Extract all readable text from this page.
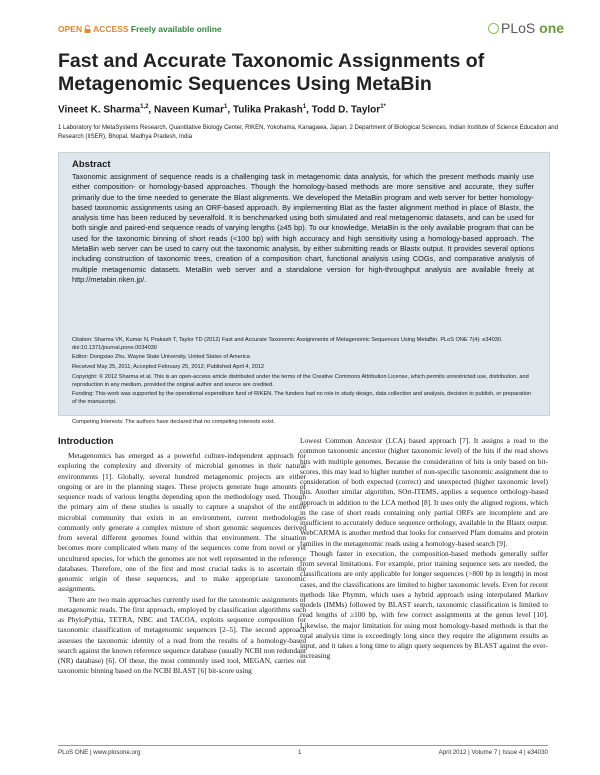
OPEN ACCESS Freely available online	PLoS one
Fast and Accurate Taxonomic Assignments of Metagenomic Sequences Using MetaBin
Vineet K. Sharma$^{1,2}$, Naveen Kumar$^1$, Tulika Prakash$^1$, Todd D. Taylor$^{1*}$
1 Laboratory for MetaSystems Research, Quantitative Biology Center, RIKEN, Yokohama, Kanagawa, Japan, 2 Department of Biological Sciences, Indian Institute of Science Education and Research (IISER), Bhopal, Madhya Pradesh, India
Abstract
Taxonomic assignment of sequence reads is a challenging task in metagenomic data analysis, for which the present methods mainly use either composition- or homology-based approaches. Though the homology-based methods are more sensitive and accurate, they suffer primarily due to the time needed to generate the Blast alignments. We developed the MetaBin program and web server for better homology-based taxonomic assignments using an ORF-based approach. By implementing Blat as the faster alignment method in place of Blastx, the analysis time has been reduced by severalfold. It is benchmarked using both simulated and real metagenomic datasets, and can be used for both single and paired-end sequence reads of varying lengths (≥45 bp). To our knowledge, MetaBin is the only available program that can be used for the taxonomic binning of short reads (<100 bp) with high accuracy and high sensitivity using a homology-based approach. The MetaBin web server can be used to carry out the taxonomic analysis, by either submitting reads or Blastx output. It provides several options including construction of taxonomic trees, creation of a composition chart, functional analysis using COGs, and comparative analysis of multiple metagenomic datasets. MetaBin web server and a standalone version for high-throughput analysis are available freely at http://metabin.riken.jp/.
Citation: Sharma VK, Kumar N, Prakash T, Taylor TD (2012) Fast and Accurate Taxonomic Assignments of Metagenomic Sequences Using MetaBin. PLoS ONE 7(4): e34030. doi:10.1371/journal.pone.0034030
Editor: Dongxiao Zhu, Wayne State University, United States of America
Received May 25, 2011; Accepted February 25, 2012; Published April 4, 2012
Copyright: © 2012 Sharma et al. This is an open-access article distributed under the terms of the Creative Commons Attribution License, which permits unrestricted use, distribution, and reproduction in any medium, provided the original author and source are credited.
Funding: This work was supported by the operational expenditure fund of RIKEN. The funders had no role in study design, data collection and analysis, decision to publish, or preparation of the manuscript.
Competing Interests: The authors have declared that no competing interests exist.
Introduction

Metagenomics has emerged as a powerful culture-independent approach for exploring the complexity and diversity of microbial genomes in their natural environments [1]. Globally, several hundred metagenomic projects are either ongoing or are in the planning stages. These projects generate huge amounts of sequence reads of various lengths depending upon the methodology used. Though the primary aim of these studies is usually to capture a snapshot of the entire microbial community that exists in an environment, current methodologies commonly only generate a complex mixture of short genomic sequences derived from several different genomes found within that environment. The situation becomes more complicated when many of the sequences come from novel or yet uncultured species, for which the genomes are not well represented in the reference databases. Therefore, one of the first and most crucial tasks is to ascertain the genomic origin of these sequences, and to make appropriate taxonomic assignments.

There are two main approaches currently used for the taxonomic assignments of metagenomic reads. The first approach, employed by classification algorithms such as PhyloPythia, TETRA, NBC and TACOA, exploits sequence composition for taxonomic classification of metagenomic sequences [2–5]. The second approach assesses the taxonomic identity of a read from the results of a homology-based search against the known reference sequence database (usually NCBI non redundant (NR) database) [6]. Of these, the most commonly used tool, MEGAN, carries out taxonomic binning based on the NCBI BLAST [6] bit-score using

Lowest Common Ancestor (LCA) based approach [7]. It assigns a read to the common taxonomic ancestor (higher taxonomic level) of the hits if the read shows hits with multiple genomes. Because the consideration of hits is only based on bit-scores, this may lead to higher number of non-specific taxonomic assignment due to consideration of both expected (correct) and unexpected (higher taxonomic level) hits. Another similar algorithm, SOrt-ITEMS, applies a sequence orthology-based approach in addition to the LCA method [8]. It uses only the aligned regions, which in the case of short reads containing only partial ORFs are incomplete and are insufficient to accurately deduce sequence orthology, available in the Blastx output. WebCARMA is another method that looks for conserved Pfam domains and protein families in the metagenomic reads using a homology-based search [9].

Though faster in execution, the composition-based methods generally suffer from several limitations. For example, prior training sequence sets are needed, the classifications are only applicable for longer sequences (>800 bp in length) in most cases, and the classifications are limited to higher taxonomic levels. Even for recent methods like Phymm, which uses a hybrid approach using interpolated Markov models (IMMs) followed by BLAST search, taxonomic classification is limited to read lengths of ≥100 bp, with few correct assignments at the genus level [10]. Likewise, the major limitation for using most homology-based methods is that the total analysis time is exceedingly long since they require the alignment results as input, and it takes a long time to align query sequences by BLAST against the ever-increasing

PLoS ONE | www.plosone.org	1	April 2012 | Volume 7 | Issue 4 | e34030
